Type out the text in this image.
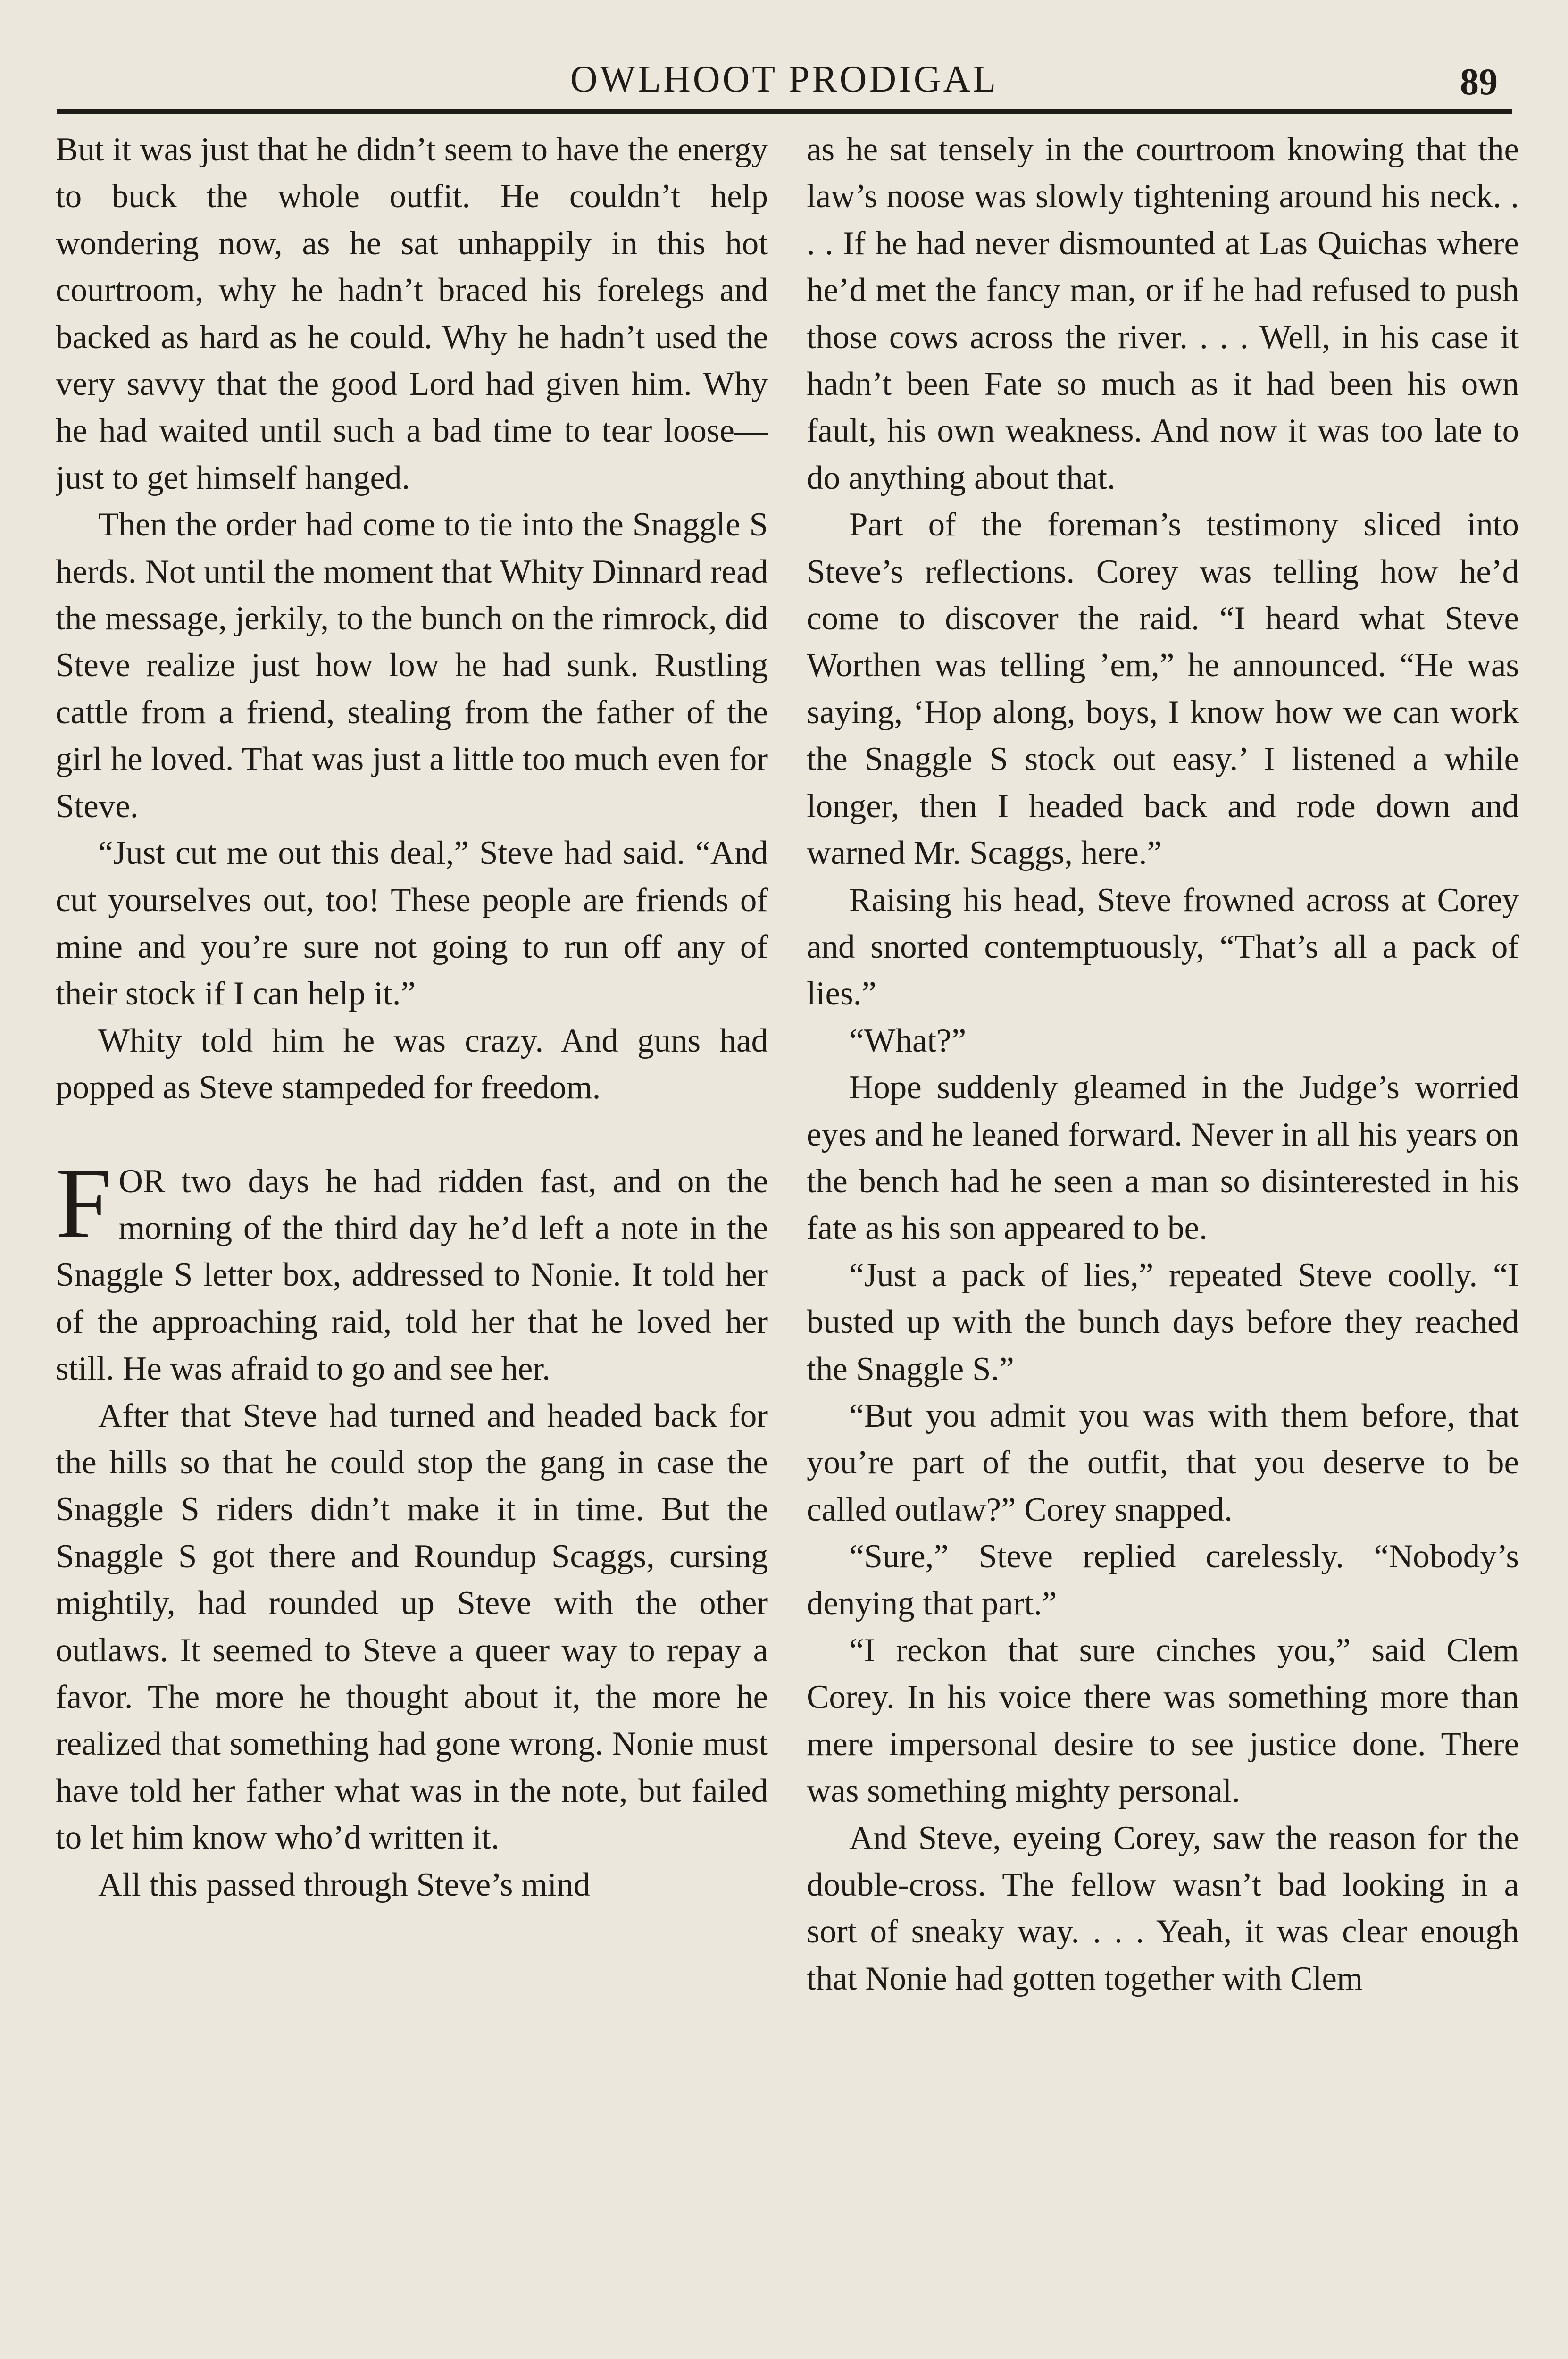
OWLHOOT PRODIGAL	89

But it was just that he didn’t seem to have the energy to buck the whole outfit. He couldn’t help wondering now, as he sat unhappily in this hot courtroom, why he hadn’t braced his forelegs and backed as hard as he could. Why he hadn’t used the very savvy that the good Lord had given him. Why he had waited until such a bad time to tear loose—just to get himself hanged.

Then the order had come to tie into the Snaggle S herds. Not until the moment that Whity Dinnard read the message, jerkily, to the bunch on the rimrock, did Steve realize just how low he had sunk. Rustling cattle from a friend, stealing from the father of the girl he loved. That was just a little too much even for Steve.

“Just cut me out this deal,” Steve had said. “And cut yourselves out, too! These people are friends of mine and you’re sure not going to run off any of their stock if I can help it.”

Whity told him he was crazy. And guns had popped as Steve stampeded for freedom.

FOR two days he had ridden fast, and on the morning of the third day he’d left a note in the Snaggle S letter box, addressed to Nonie. It told her of the approaching raid, told her that he loved her still. He was afraid to go and see her.

After that Steve had turned and headed back for the hills so that he could stop the gang in case the Snaggle S riders didn’t make it in time. But the Snaggle S got there and Roundup Scaggs, cursing mightily, had rounded up Steve with the other outlaws. It seemed to Steve a queer way to repay a favor. The more he thought about it, the more he realized that something had gone wrong. Nonie must have told her father what was in the note, but failed to let him know who’d written it.

All this passed through Steve’s mind

as he sat tensely in the courtroom knowing that the law’s noose was slowly tightening around his neck. . . . If he had never dismounted at Las Quichas where he’d met the fancy man, or if he had refused to push those cows across the river. . . . Well, in his case it hadn’t been Fate so much as it had been his own fault, his own weakness. And now it was too late to do anything about that.

Part of the foreman’s testimony sliced into Steve’s reflections. Corey was telling how he’d come to discover the raid. “I heard what Steve Worthen was telling ’em,” he announced. “He was saying, ‘Hop along, boys, I know how we can work the Snaggle S stock out easy.’ I listened a while longer, then I headed back and rode down and warned Mr. Scaggs, here.”

Raising his head, Steve frowned across at Corey and snorted contemptuously, “That’s all a pack of lies.”

“What?”

Hope suddenly gleamed in the Judge’s worried eyes and he leaned forward. Never in all his years on the bench had he seen a man so disinterested in his fate as his son appeared to be.

“Just a pack of lies,” repeated Steve coolly. “I busted up with the bunch days before they reached the Snaggle S.”

“But you admit you was with them before, that you’re part of the outfit, that you deserve to be called outlaw?” Corey snapped.

“Sure,” Steve replied carelessly. “Nobody’s denying that part.”

“I reckon that sure cinches you,” said Clem Corey. In his voice there was something more than mere impersonal desire to see justice done. There was something mighty personal.

And Steve, eyeing Corey, saw the reason for the double-cross. The fellow wasn’t bad looking in a sort of sneaky way. . . . Yeah, it was clear enough that Nonie had gotten together with Clem
